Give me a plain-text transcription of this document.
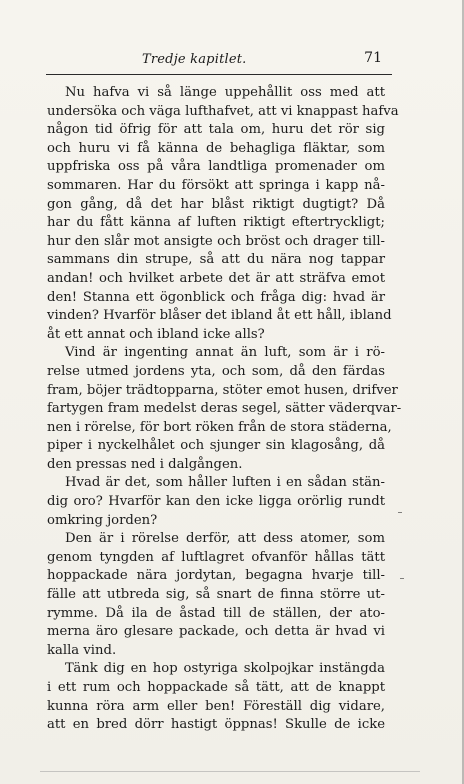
Tredje kapitlet.	71
Nu hafva vi så länge uppehållit oss med att
undersöka och väga lufthafvet, att vi knappast hafva
någon tid öfrig för att tala om, huru det rör sig
och huru vi få känna de behagliga fläktar, som
uppfriska oss på våra landtliga promenader om
sommaren. Har du försökt att springa i kapp nå-
gon gång, då det har blåst riktigt dugtigt? Då
har du fått känna af luften riktigt eftertryckligt;
hur den slår mot ansigte och bröst och drager till-
sammans din strupe, så att du nära nog tappar
andan! och hvilket arbete det är att sträfva emot
den! Stanna ett ögonblick och fråga dig: hvad är
vinden? Hvarför blåser det ibland åt ett håll, ibland
åt ett annat och ibland icke alls?
Vind är ingenting annat än luft, som är i rö-
relse utmed jordens yta, och som, då den färdas
fram, böjer trädtopparna, stöter emot husen, drifver
fartygen fram medelst deras segel, sätter väderqvar-
nen i rörelse, för bort röken från de stora städerna,
piper i nyckelhålet och sjunger sin klagosång, då
den pressas ned i dalgången.
Hvad är det, som håller luften i en sådan stän-
dig oro? Hvarför kan den icke ligga orörlig rundt
omkring jorden?
Den är i rörelse derför, att dess atomer, som
genom tyngden af luftlagret ofvanför hållas tätt
hoppackade nära jordytan, begagna hvarje till-
fälle att utbreda sig, så snart de finna större ut-
rymme. Då ila de åstad till de ställen, der ato-
merna äro glesare packade, och detta är hvad vi
kalla vind.
Tänk dig en hop ostyriga skolpojkar instängda
i ett rum och hoppackade så tätt, att de knappt
kunna röra arm eller ben! Föreställ dig vidare,
att en bred dörr hastigt öppnas! Skulle de icke
